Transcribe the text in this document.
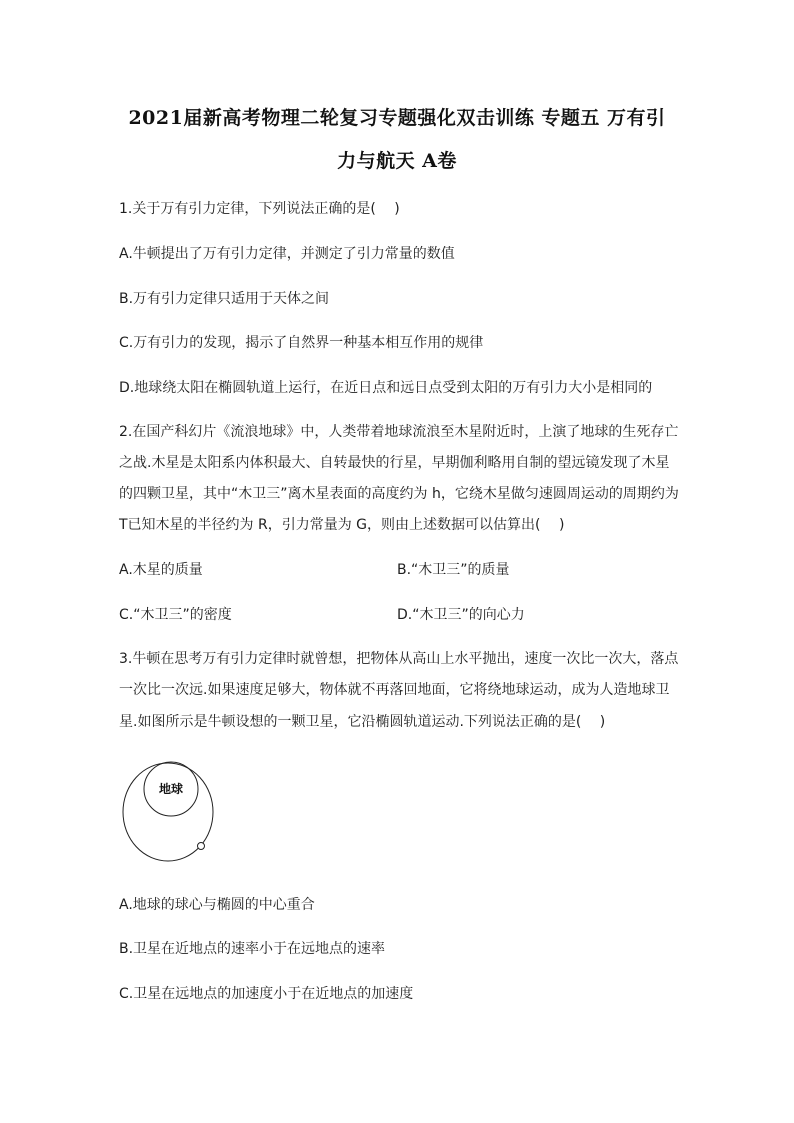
2021届新高考物理二轮复习专题强化双击训练 专题五 万有引
力与航天 A卷
1.关于万有引力定律，下列说法正确的是(　 )
A.牛顿提出了万有引力定律，并测定了引力常量的数值
B.万有引力定律只适用于天体之间
C.万有引力的发现，揭示了自然界一种基本相互作用的规律
D.地球绕太阳在椭圆轨道上运行，在近日点和远日点受到太阳的万有引力大小是相同的
2.在国产科幻片《流浪地球》中，人类带着地球流浪至木星附近时，上演了地球的生死存亡
之战.木星是太阳系内体积最大、自转最快的行星，早期伽利略用自制的望远镜发现了木星
的四颗卫星，其中“木卫三”离木星表面的高度约为 h，它绕木星做匀速圆周运动的周期约为
T已知木星的半径约为 R，引力常量为 G，则由上述数据可以估算出(　 )
A.木星的质量	B.“木卫三”的质量
C.“木卫三”的密度	D.“木卫三”的向心力
3.牛顿在思考万有引力定律时就曾想，把物体从高山上水平抛出，速度一次比一次大，落点
一次比一次远.如果速度足够大，物体就不再落回地面，它将绕地球运动，成为人造地球卫
星.如图所示是牛顿设想的一颗卫星，它沿椭圆轨道运动.下列说法正确的是(　 )
地球
A.地球的球心与椭圆的中心重合
B.卫星在近地点的速率小于在远地点的速率
C.卫星在远地点的加速度小于在近地点的加速度
